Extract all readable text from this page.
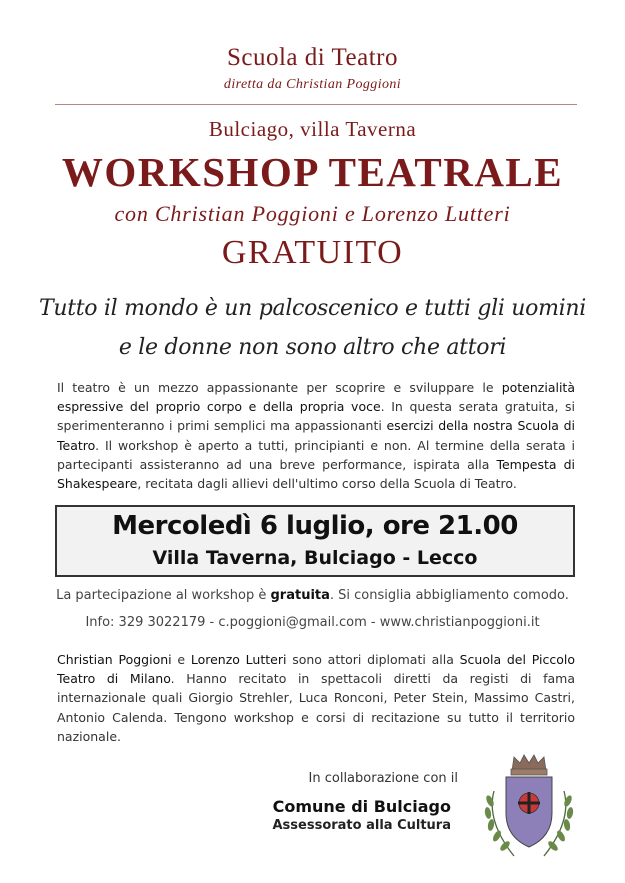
Scuola di Teatro
diretta da Christian Poggioni
Bulciago, villa Taverna
WORKSHOP TEATRALE
con Christian Poggioni e Lorenzo Lutteri
GRATUITO
Tutto il mondo è un palcoscenico e tutti gli uomini
e le donne non sono altro che attori
Il teatro è un mezzo appassionante per scoprire e sviluppare le potenzialità espressive del proprio corpo e della propria voce. In questa serata gratuita, si sperimenteranno i primi semplici ma appassionanti esercizi della nostra Scuola di Teatro. Il workshop è aperto a tutti, principianti e non. Al termine della serata i partecipanti assisteranno ad una breve performance, ispirata alla Tempesta di Shakespeare, recitata dagli allievi dell'ultimo corso della Scuola di Teatro.
Mercoledì 6 luglio, ore 21.00
Villa Taverna, Bulciago - Lecco
La partecipazione al workshop è gratuita. Si consiglia abbigliamento comodo.
Info: 329 3022179 - c.poggioni@gmail.com - www.christianpoggioni.it
Christian Poggioni e Lorenzo Lutteri sono attori diplomati alla Scuola del Piccolo Teatro di Milano. Hanno recitato in spettacoli diretti da registi di fama internazionale quali Giorgio Strehler, Luca Ronconi, Peter Stein, Massimo Castri, Antonio Calenda. Tengono workshop e corsi di recitazione su tutto il territorio nazionale.
In collaborazione con il
Comune di Bulciago
Assessorato alla Cultura
